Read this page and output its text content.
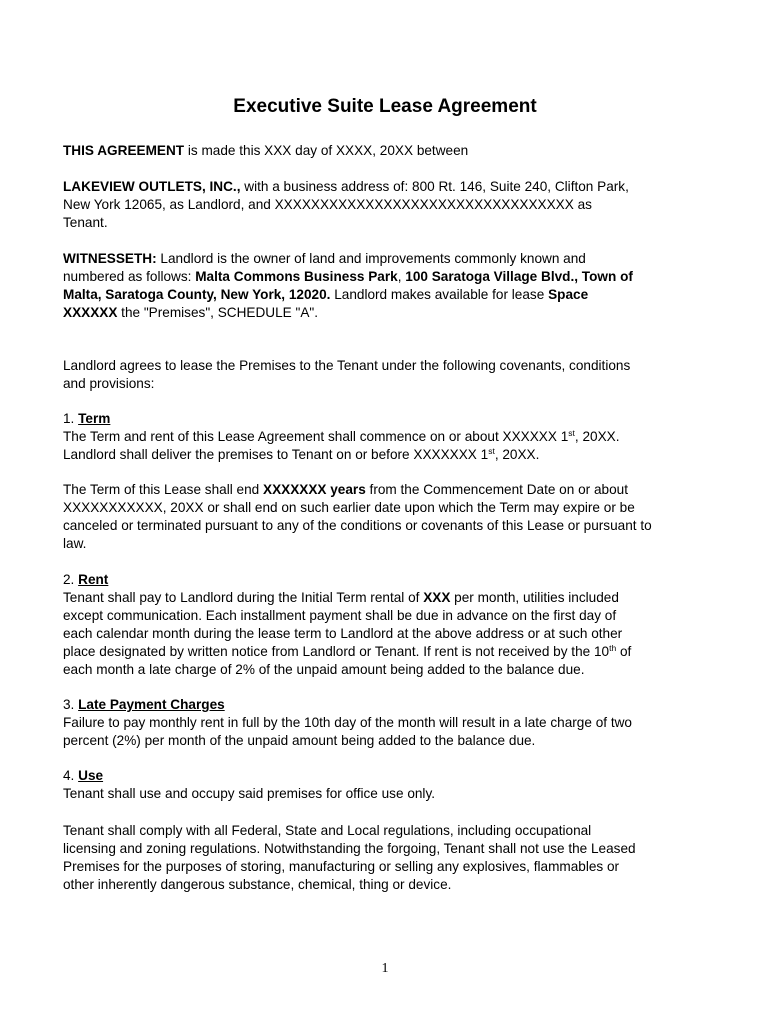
Executive Suite Lease Agreement
THIS AGREEMENT is made this XXX day of XXXX, 20XX between
LAKEVIEW OUTLETS, INC., with a business address of: 800 Rt. 146, Suite 240, Clifton Park,
New York 12065, as Landlord, and XXXXXXXXXXXXXXXXXXXXXXXXXXXXXXXXX as
Tenant.
WITNESSETH: Landlord is the owner of land and improvements commonly known and
numbered as follows: Malta Commons Business Park, 100 Saratoga Village Blvd., Town of
Malta, Saratoga County, New York, 12020. Landlord makes available for lease Space
XXXXXX the "Premises", SCHEDULE "A".
Landlord agrees to lease the Premises to the Tenant under the following covenants, conditions
and provisions:
1. Term
The Term and rent of this Lease Agreement shall commence on or about XXXXXX 1st, 20XX.
Landlord shall deliver the premises to Tenant on or before XXXXXXX 1st, 20XX.
The Term of this Lease shall end XXXXXXX years from the Commencement Date on or about
XXXXXXXXXXX, 20XX or shall end on such earlier date upon which the Term may expire or be
canceled or terminated pursuant to any of the conditions or covenants of this Lease or pursuant to
law.
2. Rent
Tenant shall pay to Landlord during the Initial Term rental of XXX per month, utilities included
except communication. Each installment payment shall be due in advance on the first day of
each calendar month during the lease term to Landlord at the above address or at such other
place designated by written notice from Landlord or Tenant. If rent is not received by the 10th of
each month a late charge of 2% of the unpaid amount being added to the balance due.
3. Late Payment Charges
Failure to pay monthly rent in full by the 10th day of the month will result in a late charge of two
percent (2%) per month of the unpaid amount being added to the balance due.
4. Use
Tenant shall use and occupy said premises for office use only.
Tenant shall comply with all Federal, State and Local regulations, including occupational
licensing and zoning regulations. Notwithstanding the forgoing, Tenant shall not use the Leased
Premises for the purposes of storing, manufacturing or selling any explosives, flammables or
other inherently dangerous substance, chemical, thing or device.
1
